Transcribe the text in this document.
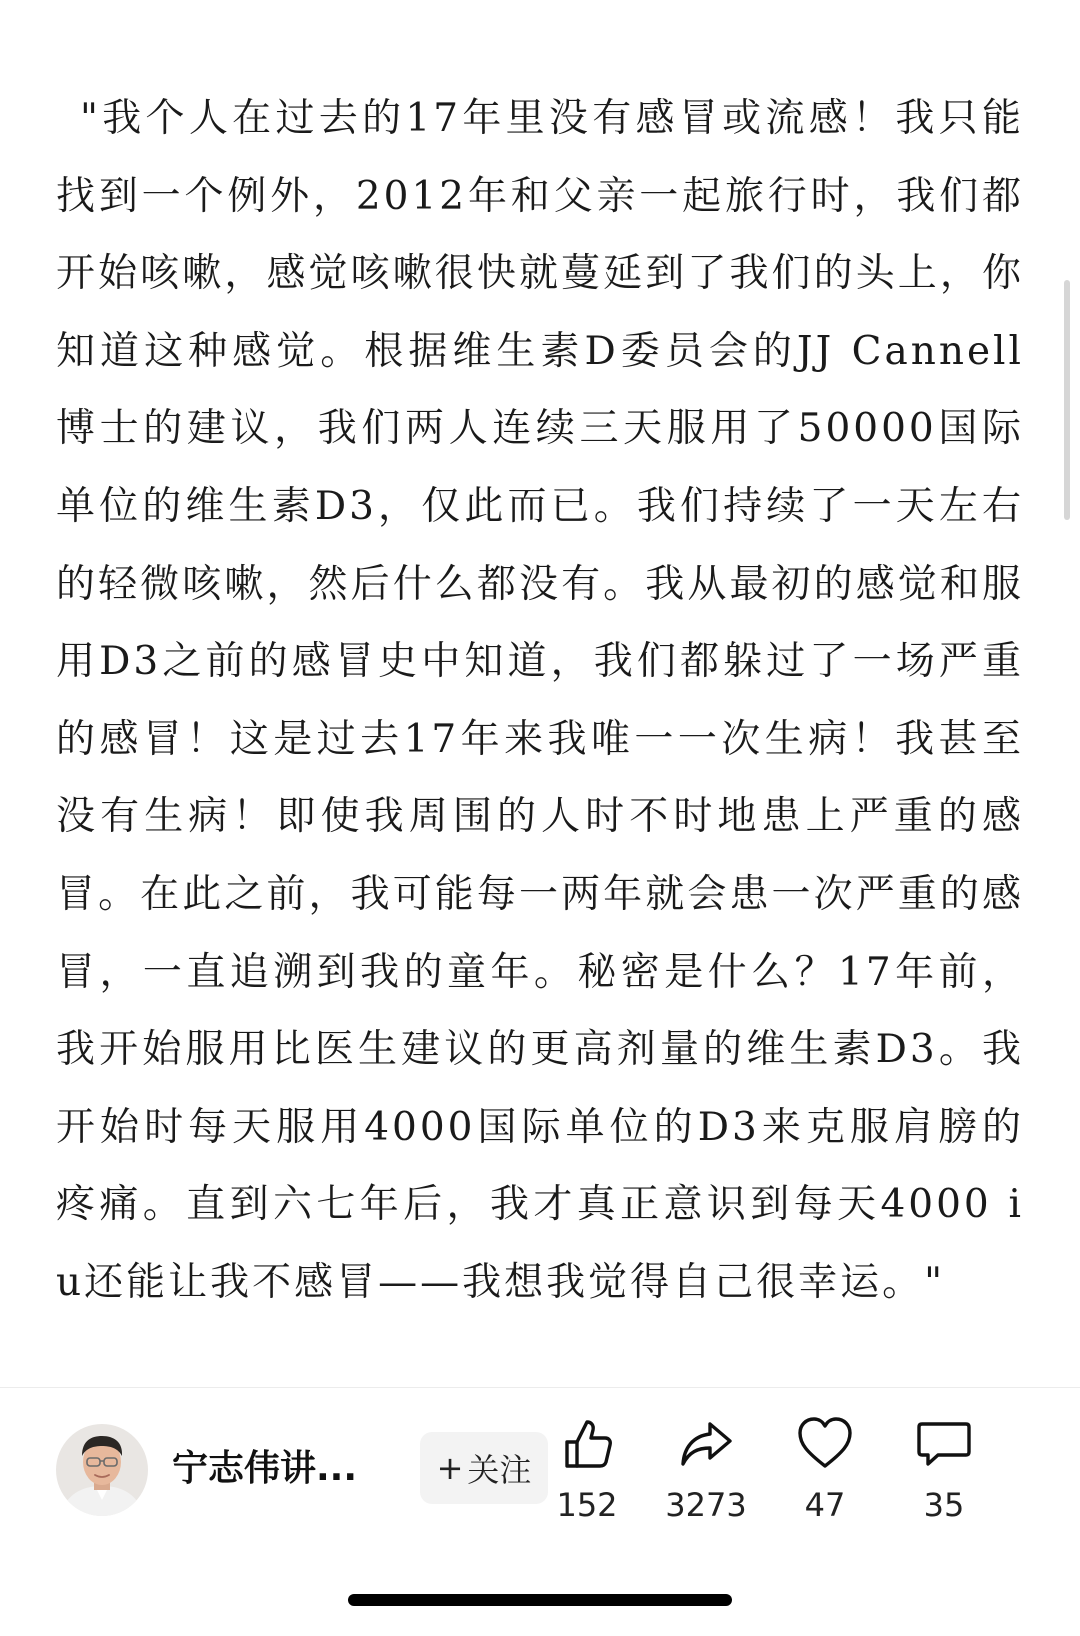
"我个人在过去的17年里没有感冒或流感！我只能找到一个例外，2012年和父亲一起旅行时，我们都开始咳嗽，感觉咳嗽很快就蔓延到了我们的头上，你知道这种感觉。根据维生素D委员会的JJ Cannell博士的建议，我们两人连续三天服用了50000国际单位的维生素D3，仅此而已。我们持续了一天左右的轻微咳嗽，然后什么都没有。我从最初的感觉和服用D3之前的感冒史中知道，我们都躲过了一场严重的感冒！这是过去17年来我唯一一次生病！我甚至没有生病！即使我周围的人时不时地患上严重的感冒。在此之前，我可能每一两年就会患一次严重的感冒，一直追溯到我的童年。秘密是什么？17年前，我开始服用比医生建议的更高剂量的维生素D3。我开始时每天服用4000国际单位的D3来克服肩膀的疼痛。直到六七年后，我才真正意识到每天4000 iu还能让我不感冒——我想我觉得自己很幸运。"

宁志伟讲...	+ 关注
152 3273 47 35
